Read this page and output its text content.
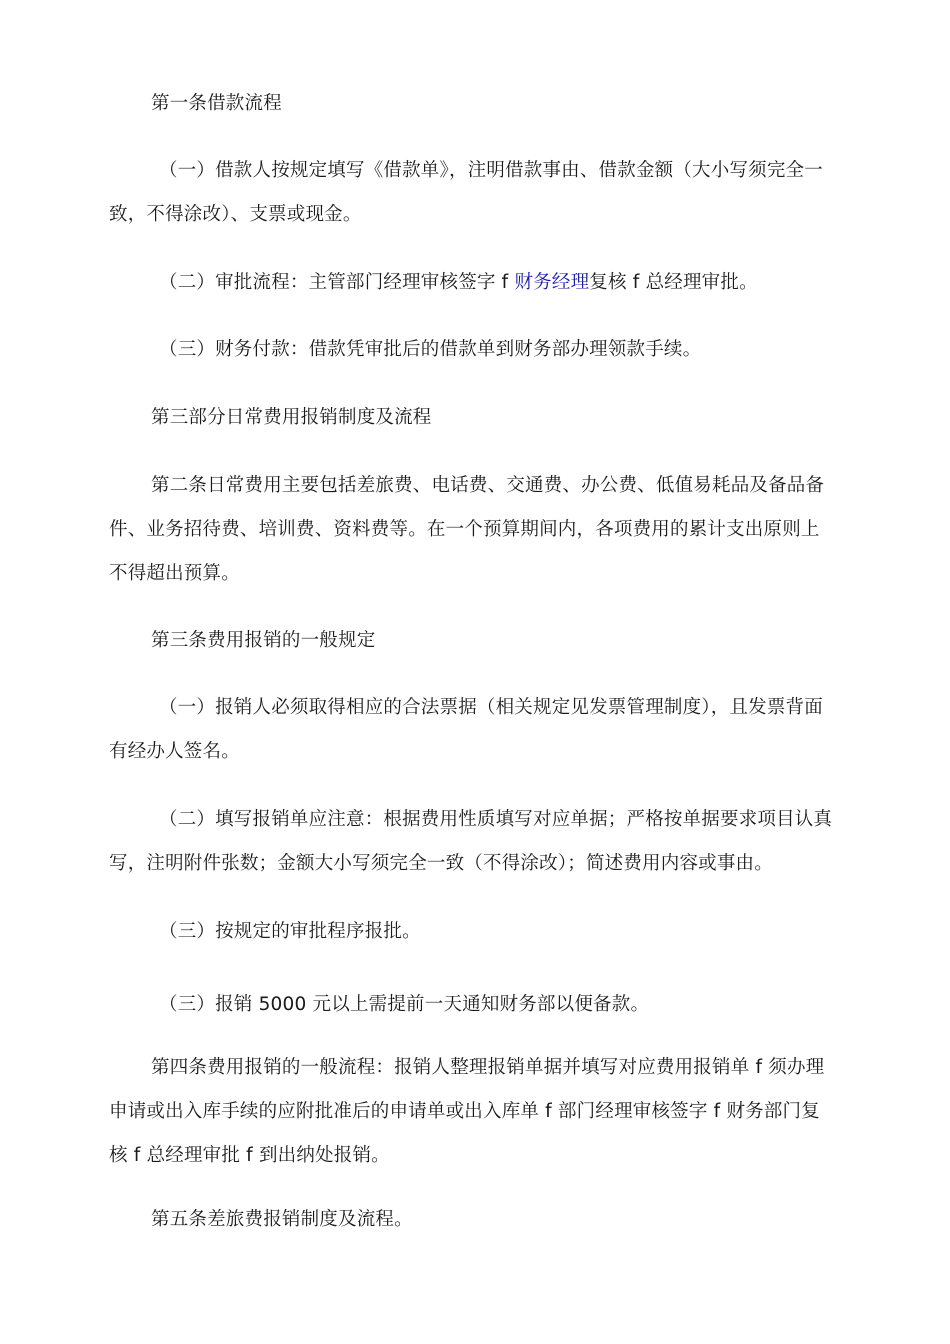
第一条借款流程

（一）借款人按规定填写《借款单》，注明借款事由、借款金额（大小写须完全一
致，不得涂改）、支票或现金。

（二）审批流程：主管部门经理审核签字 f 财务经理复核 f 总经理审批。

（三）财务付款：借款凭审批后的借款单到财务部办理领款手续。

第三部分日常费用报销制度及流程

第二条日常费用主要包括差旅费、电话费、交通费、办公费、低值易耗品及备品备
件、业务招待费、培训费、资料费等。在一个预算期间内，各项费用的累计支出原则上
不得超出预算。

第三条费用报销的一般规定

（一）报销人必须取得相应的合法票据（相关规定见发票管理制度），且发票背面
有经办人签名。

（二）填写报销单应注意：根据费用性质填写对应单据；严格按单据要求项目认真
写，注明附件张数；金额大小写须完全一致（不得涂改）；简述费用内容或事由。

（三）按规定的审批程序报批。

（三）报销 5000 元以上需提前一天通知财务部以便备款。

第四条费用报销的一般流程：报销人整理报销单据并填写对应费用报销单 f 须办理
申请或出入库手续的应附批准后的申请单或出入库单 f 部门经理审核签字 f 财务部门复
核 f 总经理审批 f 到出纳处报销。

第五条差旅费报销制度及流程。
